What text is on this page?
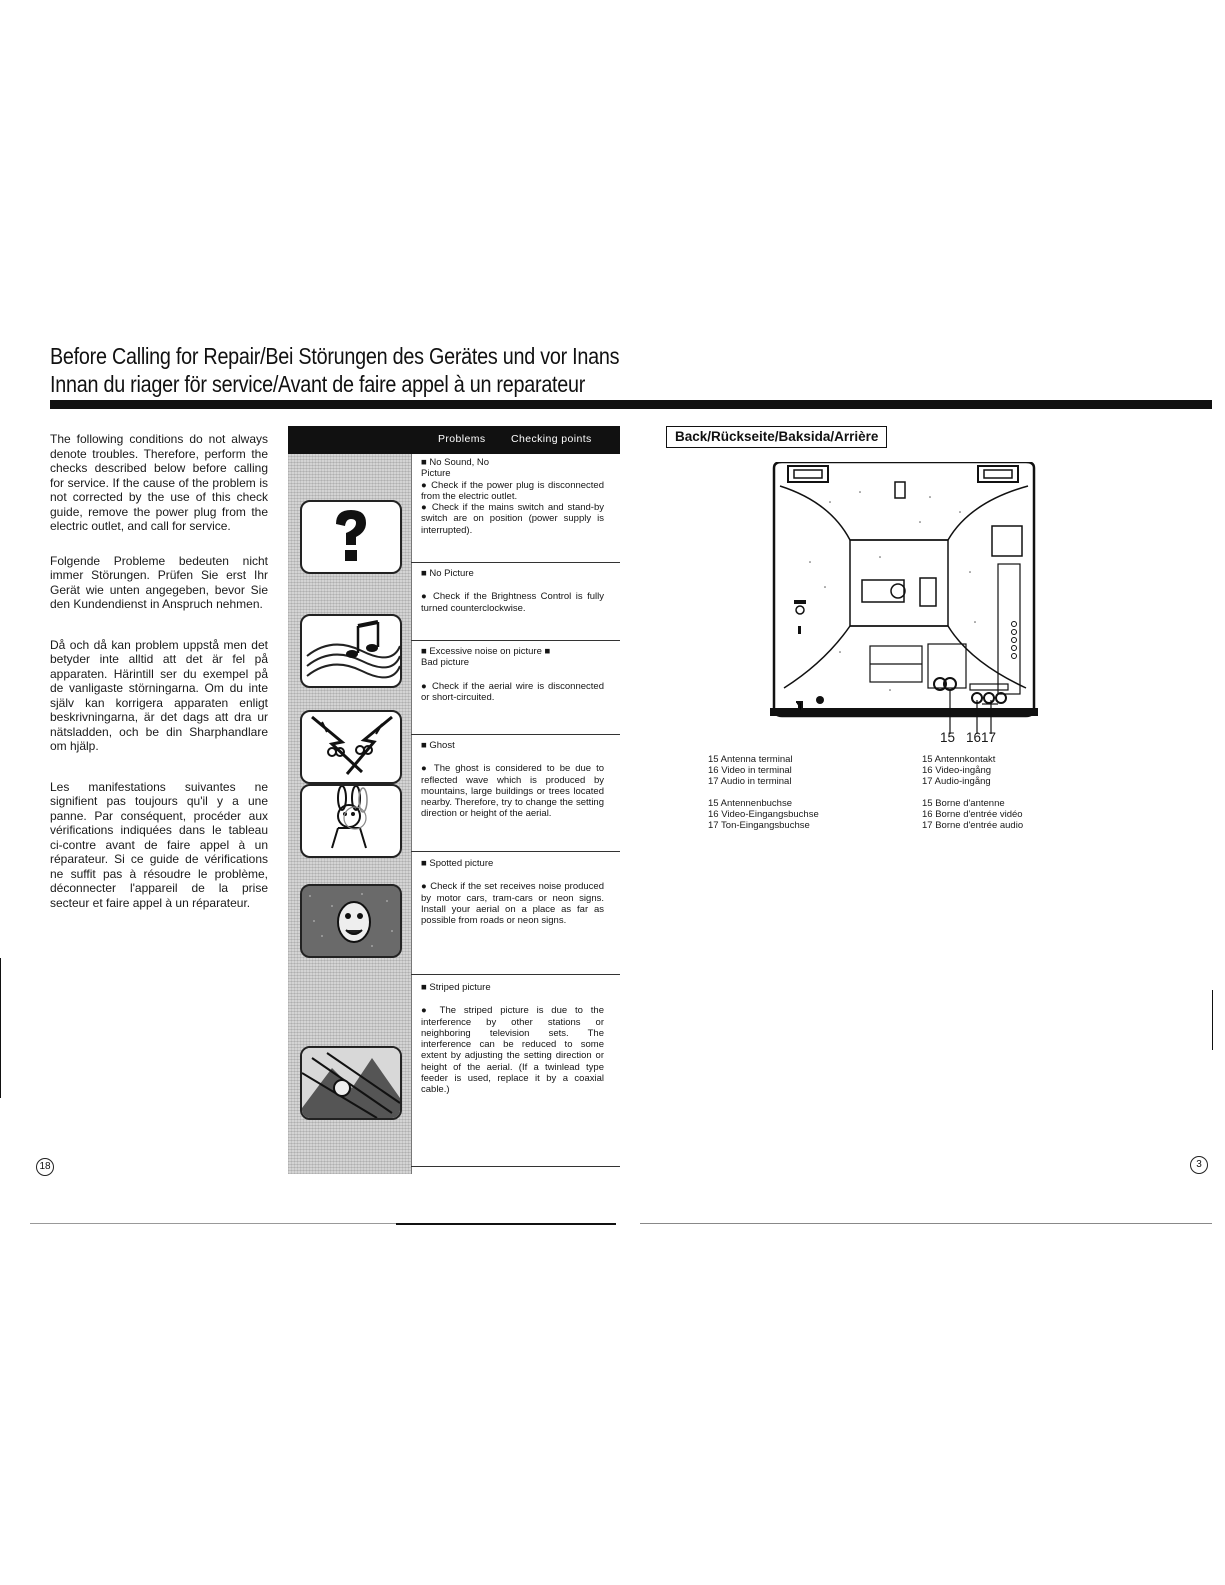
Before Calling for Repair/Bei Störungen des Gerätes und vor Inans
Innan du riager för service/Avant de faire appel à un reparateur

The following conditions do not always denote troubles. Therefore, perform the checks described below before calling for service. If the cause of the problem is not corrected by the use of this check guide, remove the power plug from the electric outlet, and call for service.

Folgende Probleme bedeuten nicht immer Störungen. Prüfen Sie erst Ihr Gerät wie unten angegeben, bevor Sie den Kundendienst in Anspruch nehmen.

Då och då kan problem uppstå men det betyder inte alltid att det är fel på apparaten. Härintill ser du exempel på de vanligaste störningarna. Om du inte själv kan korrigera apparaten enligt beskrivningarna, är det dags att dra ur nätsladden, och be din Sharphandlare om hjälp.

Les manifestations suivantes ne signifient pas toujours qu'il y a une panne. Par conséquent, procéder aux vérifications indiquées dans le tableau ci-contre avant de faire appel à un réparateur. Si ce guide de vérifications ne suffit pas à résoudre le problème, déconnecter l'appareil de la prise secteur et faire appel à un réparateur.

Problems Checking points

■ No Sound, No Picture

● Check if the power plug is disconnected from the electric outlet.

● Check if the mains switch and stand-by switch are on position (power supply is interrupted).

■ No Picture

● Check if the Brightness Control is fully turned counterclockwise.

■ Excessive noise on picture ■ Bad picture

● Check if the aerial wire is disconnected or short-circuited.

■ Ghost

● The ghost is considered to be due to reflected wave which is produced by mountains, large buildings or trees located nearby. Therefore, try to change the setting direction or height of the aerial.

■ Spotted picture

● Check if the set receives noise produced by motor cars, tram-cars or neon signs. Install your aerial on a place as far as possible from roads or neon signs.

■ Striped picture

● The striped picture is due to the interference by other stations or neighboring television sets. The interference can be reduced to some extent by adjusting the setting direction or height of the aerial. (If a twinlead type feeder is used, replace it by a coaxial cable.)

Back/Rückseite/Baksida/Arrière
15 1617
15 Antenna terminal
16 Video in terminal
17 Audio in terminal
15 Antennenbuchse
16 Video-Eingangsbuchse
17 Ton-Eingangsbuchse
15 Antennkontakt
16 Video-ingång
17 Audio-ingång
15 Borne d'antenne
16 Borne d'entrée vidéo
17 Borne d'entrée audio
18	3
